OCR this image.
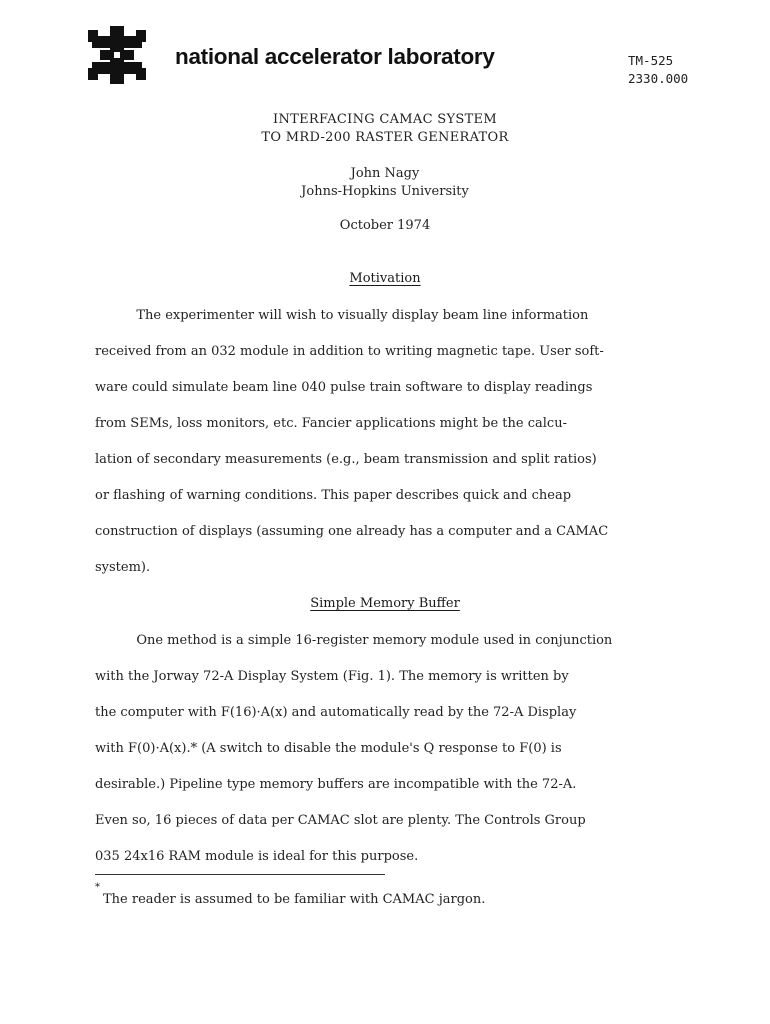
national accelerator laboratory	TM-525
2330.000
INTERFACING CAMAC SYSTEM
TO MRD-200 RASTER GENERATOR
John Nagy
Johns-Hopkins University
October 1974
Motivation
The experimenter will wish to visually display beam line information
received from an 032 module in addition to writing magnetic tape. User soft-
ware could simulate beam line 040 pulse train software to display readings
from SEMs, loss monitors, etc. Fancier applications might be the calcu-
lation of secondary measurements (e.g., beam transmission and split ratios)
or flashing of warning conditions. This paper describes quick and cheap
construction of displays (assuming one already has a computer and a CAMAC
system).
Simple Memory Buffer
One method is a simple 16-register memory module used in conjunction
with the Jorway 72-A Display System (Fig. 1). The memory is written by
the computer with F(16)·A(x) and automatically read by the 72-A Display
with F(0)·A(x).* (A switch to disable the module's Q response to F(0) is
desirable.) Pipeline type memory buffers are incompatible with the 72-A.
Even so, 16 pieces of data per CAMAC slot are plenty. The Controls Group
035 24x16 RAM module is ideal for this purpose.
*
The reader is assumed to be familiar with CAMAC jargon.
